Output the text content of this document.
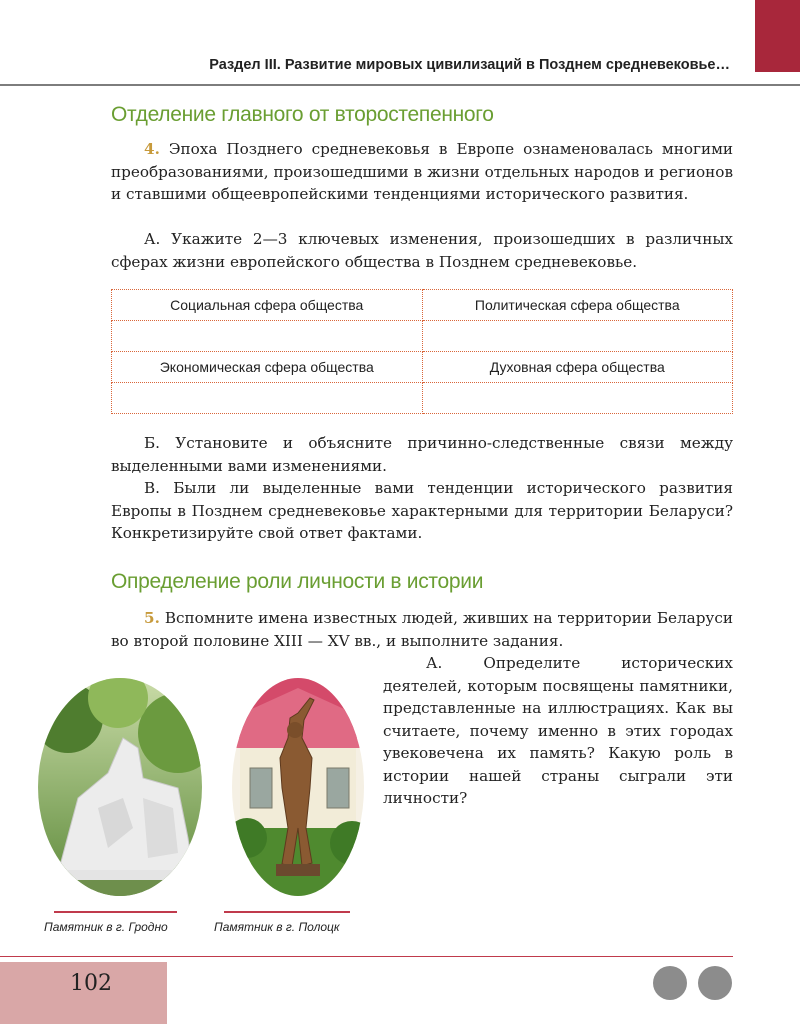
Раздел III. Развитие мировых цивилизаций в Позднем средневековье…
Отделение главного от второстепенного

4. Эпоха Позднего средневековья в Европе ознаменовалась многими преобразованиями, произошедшими в жизни отдельных народов и регионов и ставшими общеевропейскими тенденциями исторического развития.

А. Укажите 2—3 ключевых изменения, произошедших в различных сферах жизни европейского общества в Позднем средневековье.

Социальная сфера общества	Политическая сфера общества

Экономическая сфера общества	Духовная сфера общества

Б. Установите и объясните причинно-следственные связи между выделенными вами изменениями.

В. Были ли выделенные вами тенденции исторического развития Европы в Позднем средневековье характерными для территории Беларуси? Конкретизируйте свой ответ фактами.

Определение роли личности в истории

5. Вспомните имена известных людей, живших на территории Беларуси во второй половине XIII — XV вв., и выполните задания.

А. Определите исторических деятелей, которым посвящены памятники, представленные на иллюстрациях. Как вы считаете, почему именно в этих городах увековечена их память? Какую роль в истории нашей страны сыграли эти личности?

Памятник в г. Гродно	Памятник в г. Полоцк
102
